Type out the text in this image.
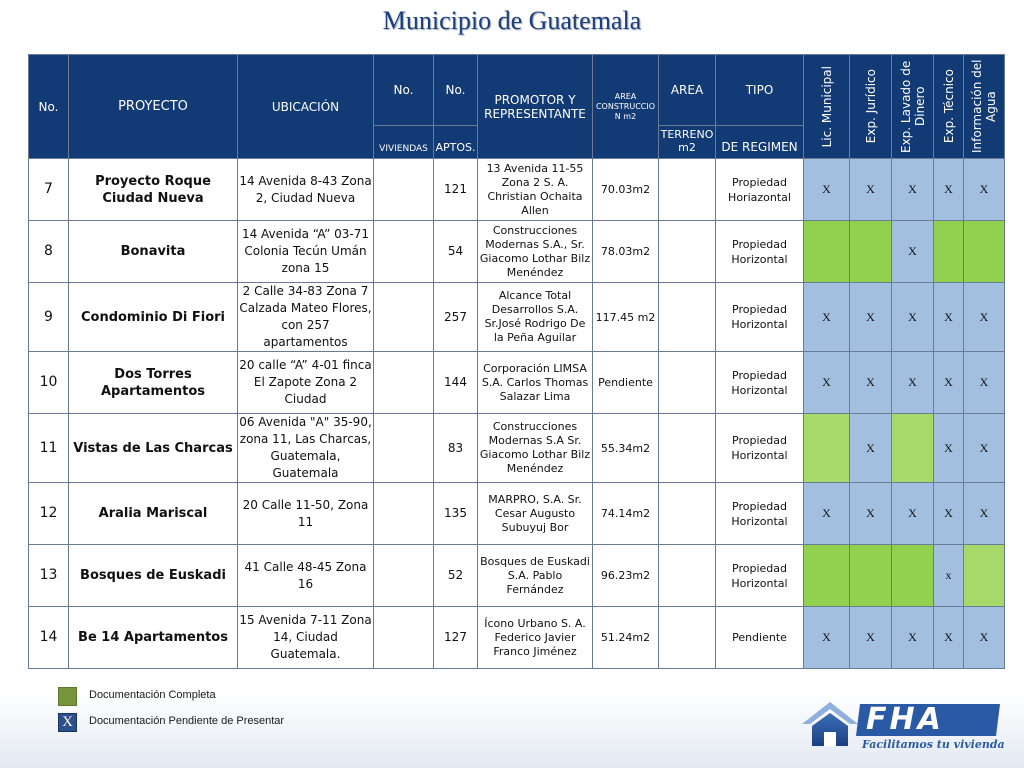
Municipio de Guatemala
No.	PROYECTO	UBICACIÓN	No.	No.	PROMOTOR Y REPRESENTANTE	AREA CONSTRUCCIO N m2	AREA	TIPO	Lic. Municipal	Exp. Jurídico	Exp. Lavado de Dinero	Exp. Técnico	Información del Agua

			VIVIENDAS	APTOS.			TERRENO m2	DE REGIMEN					
7	Proyecto Roque Ciudad Nueva	14 Avenida 8-43 Zona 2, Ciudad Nueva		121	13 Avenida 11-55 Zona 2 S. A. Christian Ochaita Allen	70.03m2		Propiedad Horiazontal	X	X	X	X	X
8	Bonavita	14 Avenida “A” 03-71 Colonia Tecún Umán zona 15		54	Construcciones Modernas S.A., Sr. Giacomo Lothar Bilz Menéndez	78.03m2		Propiedad Horizontal			X		
9	Condominio Di Fiori	2 Calle 34-83 Zona 7 Calzada Mateo Flores, con 257 apartamentos		257	Alcance Total Desarrollos S.A. Sr.José Rodrigo De la Peña Aguilar	117.45 m2		Propiedad Horizontal	X	X	X	X	X
10	Dos Torres Apartamentos	20 calle “A” 4-01 finca El Zapote Zona 2 Ciudad		144	Corporación LIMSA S.A. Carlos Thomas Salazar Lima	Pendiente		Propiedad Horizontal	X	X	X	X	X
11	Vistas de Las Charcas	06 Avenida "A" 35-90, zona 11, Las Charcas, Guatemala, Guatemala		83	Construcciones Modernas S.A Sr. Giacomo Lothar Bilz Menéndez	55.34m2		Propiedad Horizontal		X		X	X
12	Aralia Mariscal	20 Calle 11-50, Zona 11		135	MARPRO, S.A. Sr. Cesar Augusto Subuyuj Bor	74.14m2		Propiedad Horizontal	X	X	X	X	X
13	Bosques de Euskadi	41 Calle 48-45 Zona 16		52	Bosques de Euskadi S.A. Pablo Fernández	96.23m2		Propiedad Horizontal				x	
14	Be 14 Apartamentos	15 Avenida 7-11 Zona 14, Ciudad Guatemala.		127	Ícono Urbano S. A. Federico Javier Franco Jiménez	51.24m2		Pendiente	X	X	X	X	X
Documentación Completa
X	Documentación Pendiente de Presentar	FHA
Facilitamos tu vivienda
